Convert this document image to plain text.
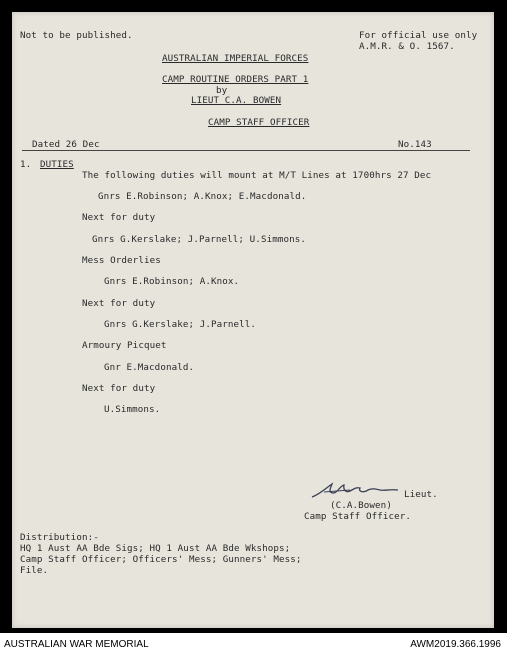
Not to be published.	For official use only
A.M.R. & O. 1567.
AUSTRALIAN IMPERIAL FORCES
CAMP ROUTINE ORDERS PART 1
by
LIEUT C.A. BOWEN
CAMP STAFF OFFICER
Dated 26 Dec	No.143
1. DUTIES
The following duties will mount at M/T Lines at 1700hrs 27 Dec
Gnrs E.Robinson; A.Knox; E.Macdonald.
Next for duty
Gnrs G.Kerslake; J.Parnell; U.Simmons.
Mess Orderlies
Gnrs E.Robinson; A.Knox.
Next for duty
Gnrs G.Kerslake; J.Parnell.
Armoury Picquet
Gnr E.Macdonald.
Next for duty
U.Simmons.
Lieut.
(C.A.Bowen)
Camp Staff Officer.
Distribution:-
HQ 1 Aust AA Bde Sigs; HQ 1 Aust AA Bde Wkshops;
Camp Staff Officer; Officers' Mess; Gunners' Mess;
File.
AUSTRALIAN WAR MEMORIAL	AWM2019.366.1996
